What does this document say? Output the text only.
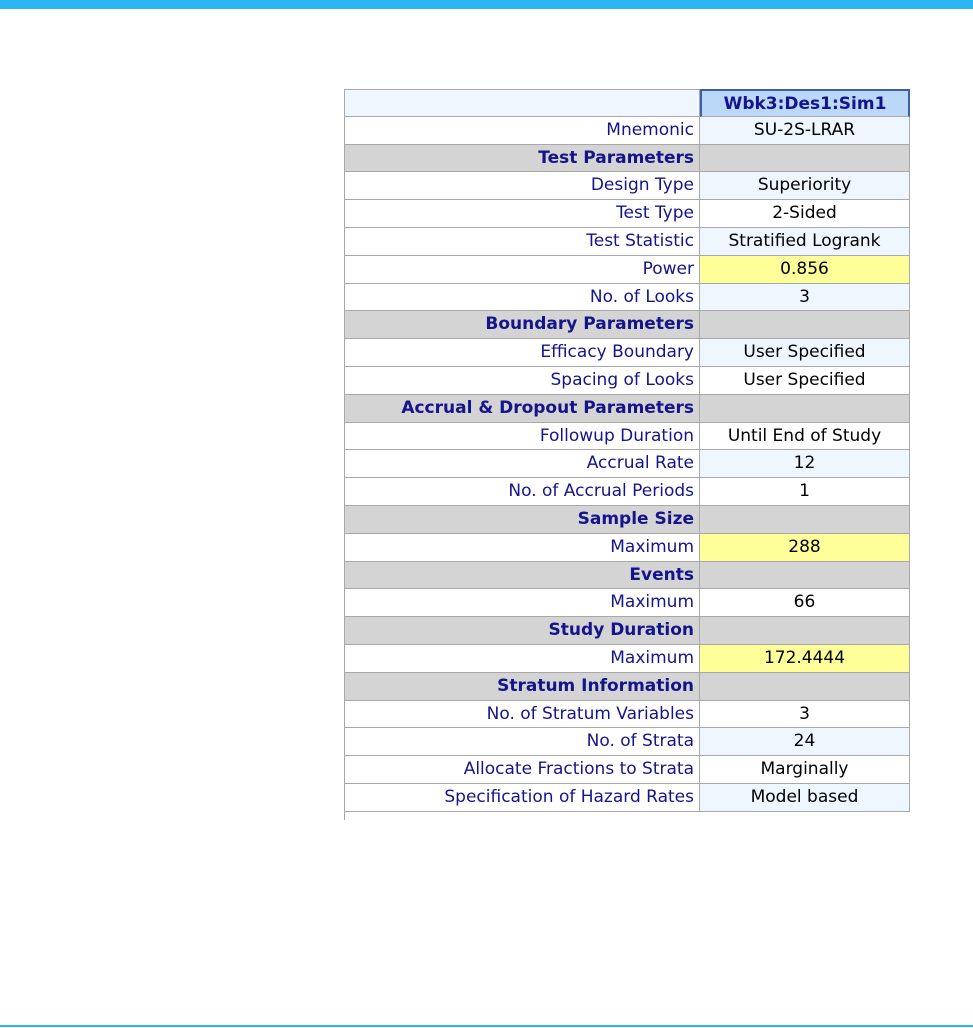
Wbk3:Des1:Sim1
Mnemonic	SU-2S-LRAR
Test Parameters
Design Type	Superiority
Test Type	2-Sided
Test Statistic	Stratified Logrank
Power	0.856
No. of Looks	3
Boundary Parameters
Efficacy Boundary	User Specified
Spacing of Looks	User Specified
Accrual & Dropout Parameters
Followup Duration	Until End of Study
Accrual Rate	12
No. of Accrual Periods	1
Sample Size
Maximum	288
Events
Maximum	66
Study Duration
Maximum	172.4444
Stratum Information
No. of Stratum Variables	3
No. of Strata	24
Allocate Fractions to Strata	Marginally
Specification of Hazard Rates	Model based
